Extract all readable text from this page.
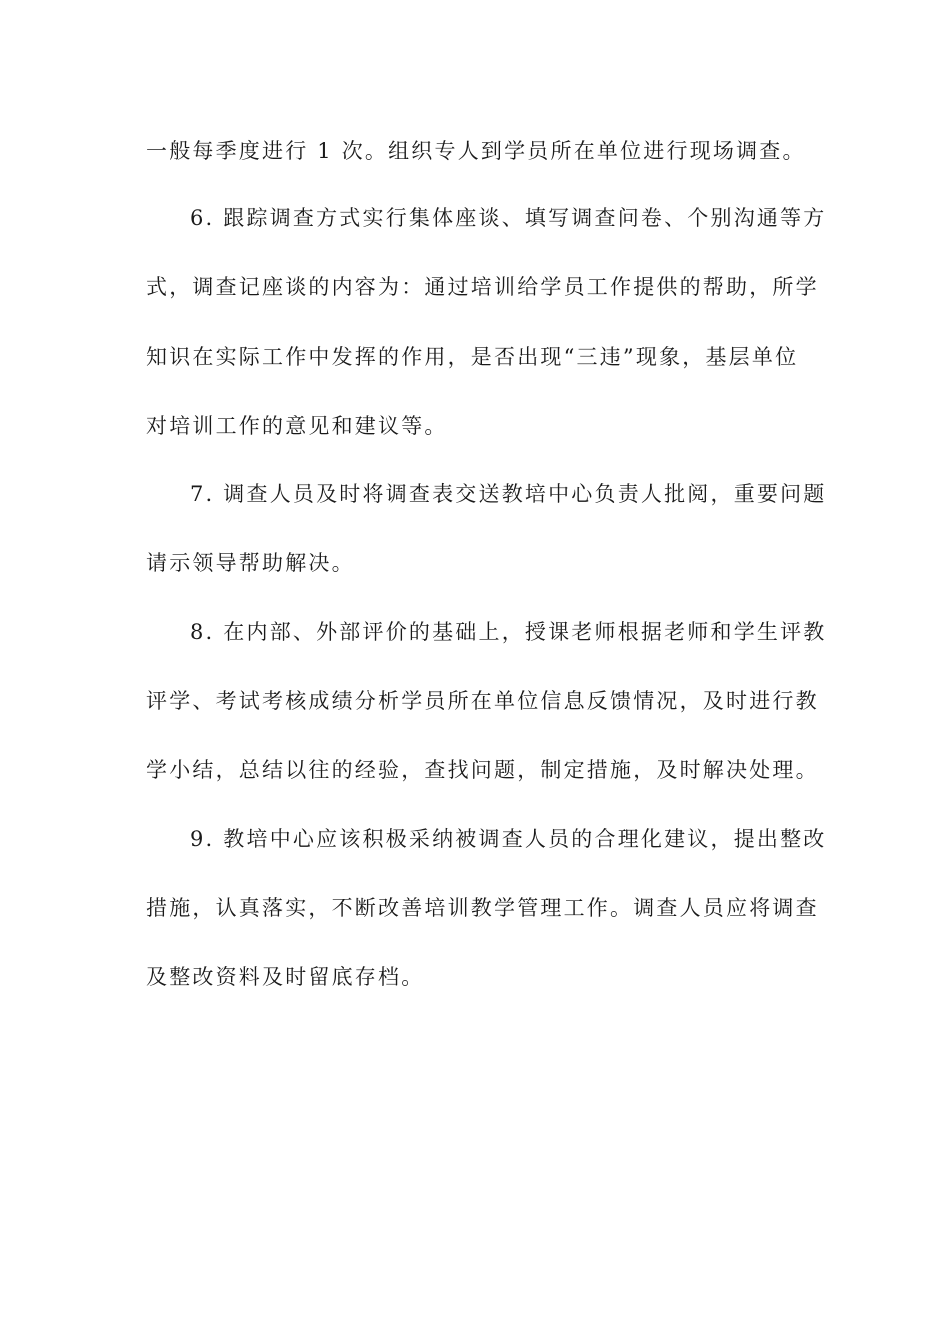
一般每季度进行 1 次。组织专人到学员所在单位进行现场调查。
6. 跟踪调查方式实行集体座谈、填写调查问卷、个别沟通等方
式，调查记座谈的内容为：通过培训给学员工作提供的帮助，所学
知识在实际工作中发挥的作用，是否出现“三违”现象，基层单位
对培训工作的意见和建议等。
7. 调查人员及时将调查表交送教培中心负责人批阅，重要问题
请示领导帮助解决。
8. 在内部、外部评价的基础上，授课老师根据老师和学生评教
评学、考试考核成绩分析学员所在单位信息反馈情况，及时进行教
学小结，总结以往的经验，查找问题，制定措施，及时解决处理。
9. 教培中心应该积极采纳被调查人员的合理化建议，提出整改
措施，认真落实，不断改善培训教学管理工作。调查人员应将调查
及整改资料及时留底存档。
